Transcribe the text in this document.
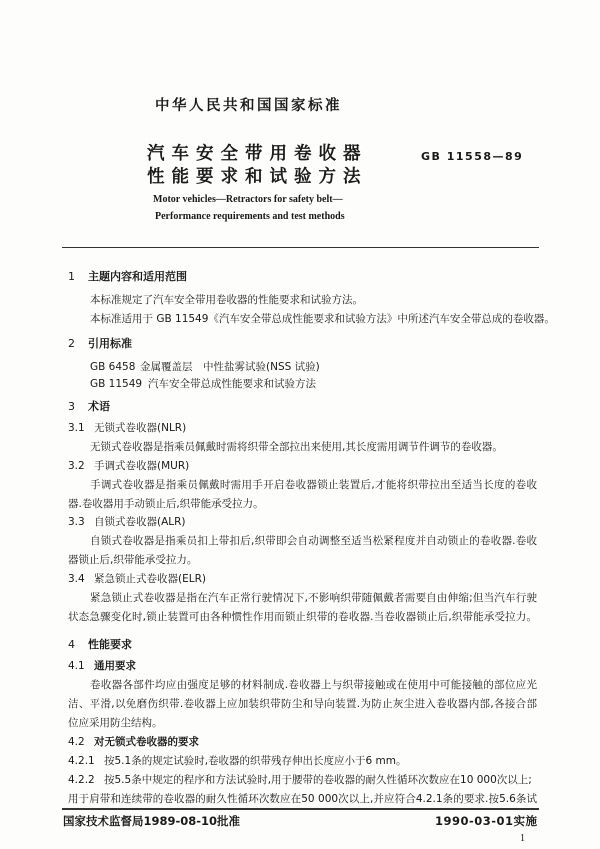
中华人民共和国国家标准
汽车安全带用卷收器
性能要求和试验方法
GB 11558—89
Motor vehicles—Retractors for safety belt—
Performance requirements and test methods
1 主题内容和适用范围
本标准规定了汽车安全带用卷收器的性能要求和试验方法。
本标准适用于 GB 11549《汽车安全带总成性能要求和试验方法》中所述汽车安全带总成的卷收器。
2 引用标准
GB 6458 金属覆盖层　中性盐雾试验(NSS 试验)
GB 11549 汽车安全带总成性能要求和试验方法
3 术语
3.1 无锁式卷收器(NLR)
无锁式卷收器是指乘员佩戴时需将织带全部拉出来使用,其长度需用调节件调节的卷收器。
3.2 手调式卷收器(MUR)
手调式卷收器是指乘员佩戴时需用手开启卷收器锁止装置后,才能将织带拉出至适当长度的卷收
器.卷收器用手动锁止后,织带能承受拉力。
3.3 自锁式卷收器(ALR)
自锁式卷收器是指乘员扣上带扣后,织带即会自动调整至适当松紧程度并自动锁止的卷收器.卷收
器锁止后,织带能承受拉力。
3.4 紧急锁止式卷收器(ELR)
紧急锁止式卷收器是指在汽车正常行驶情况下,不影响织带随佩戴者需要自由伸缩;但当汽车行驶
状态急骤变化时,锁止装置可由各种惯性作用而锁止织带的卷收器.当卷收器锁止后,织带能承受拉力。
4 性能要求
4.1 通用要求
卷收器各部件均应由强度足够的材料制成.卷收器上与织带接触或在使用中可能接触的部位应光
洁、平滑,以免磨伤织带.卷收器上应加装织带防尘和导向装置.为防止灰尘进入卷收器内部,各接合部
位应采用防尘结构。
4.2 对无锁式卷收器的要求
4.2.1 按5.1条的规定试验时,卷收器的织带残存伸出长度应小于6 mm。
4.2.2 按5.5条中规定的程序和方法试验时,用于腰带的卷收器的耐久性循环次数应在10 000次以上;
用于肩带和连续带的卷收器的耐久性循环次数应在50 000次以上,并应符合4.2.1条的要求.按5.6条试
国家技术监督局1989-08-10批准	1990-03-01实施
1
